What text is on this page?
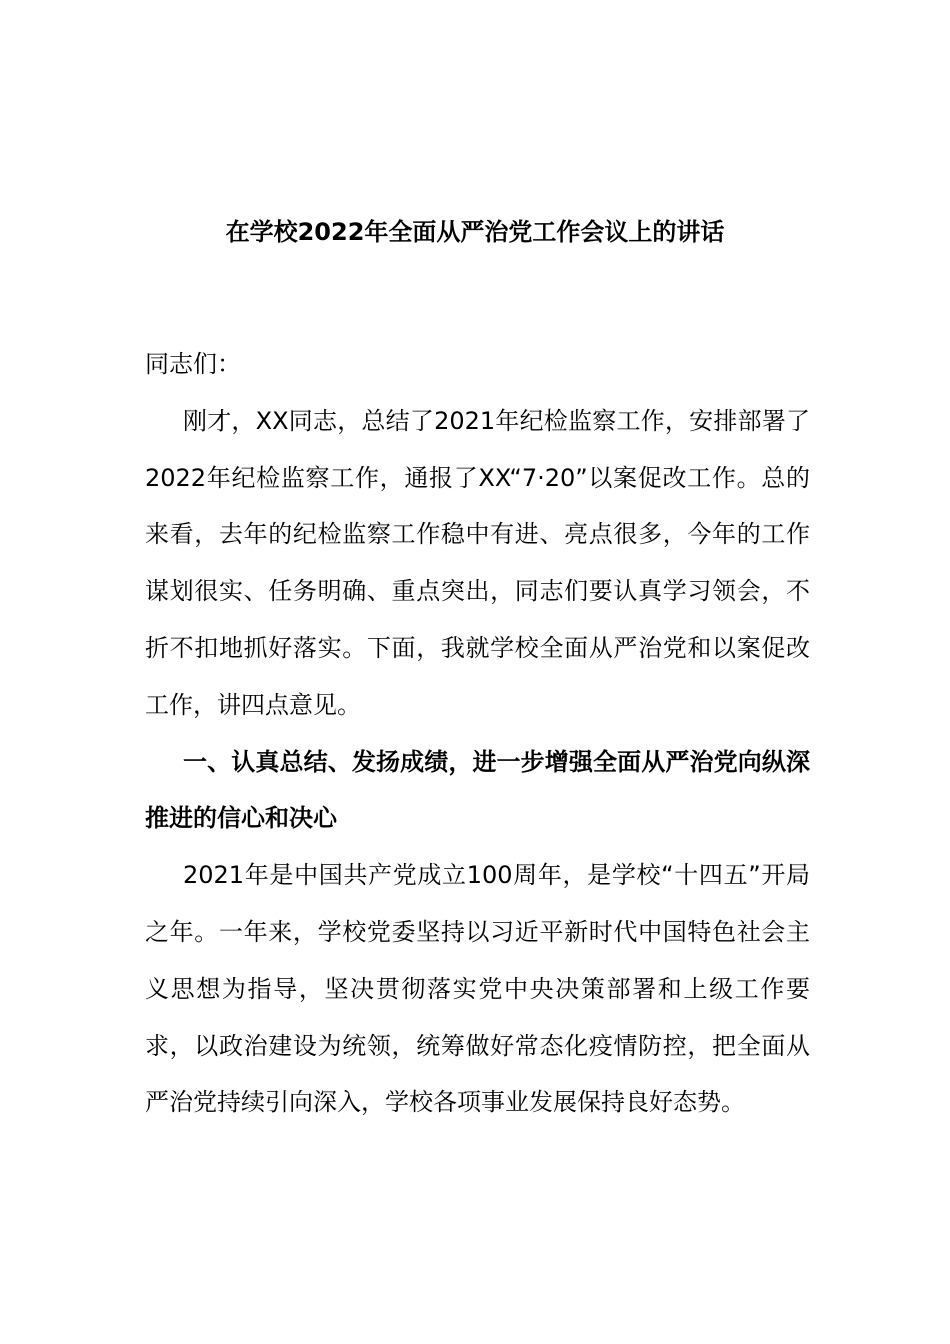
在学校2022年全面从严治党工作会议上的讲话

同志们：

刚才，XX同志，总结了2021年纪检监察工作，安排部署了2022年纪检监察工作，通报了XX“7·20”以案促改工作。总的来看，去年的纪检监察工作稳中有进、亮点很多，今年的工作谋划很实、任务明确、重点突出，同志们要认真学习领会，不折不扣地抓好落实。下面，我就学校全面从严治党和以案促改工作，讲四点意见。

一、认真总结、发扬成绩，进一步增强全面从严治党向纵深推进的信心和决心

2021年是中国共产党成立100周年，是学校“十四五”开局之年。一年来，学校党委坚持以习近平新时代中国特色社会主义思想为指导，坚决贯彻落实党中央决策部署和上级工作要求，以政治建设为统领，统筹做好常态化疫情防控，把全面从严治党持续引向深入，学校各项事业发展保持良好态势。
